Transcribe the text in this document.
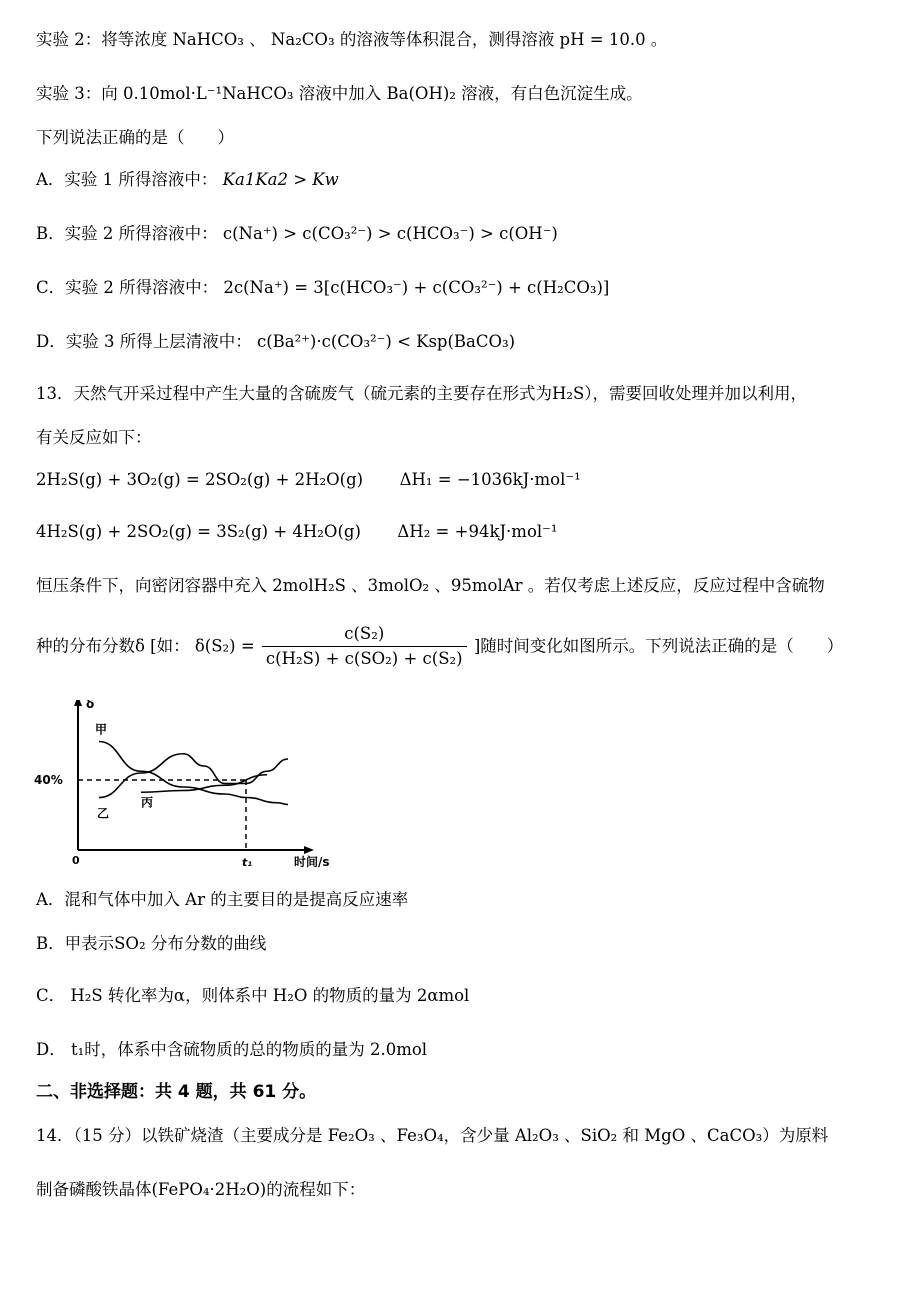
实验 2：将等浓度 NaHCO₃ 、 Na₂CO₃ 的溶液等体积混合，测得溶液 pH = 10.0 。
实验 3：向 0.10mol·L⁻¹NaHCO₃ 溶液中加入 Ba(OH)₂ 溶液，有白色沉淀生成。
下列说法正确的是（　　）
A．实验 1 所得溶液中： Ka1Ka2 > Kw
B．实验 2 所得溶液中： c(Na⁺) > c(CO₃²⁻) > c(HCO₃⁻) > c(OH⁻)
C．实验 2 所得溶液中： 2c(Na⁺) = 3[c(HCO₃⁻) + c(CO₃²⁻) + c(H₂CO₃)]
D．实验 3 所得上层清液中： c(Ba²⁺)·c(CO₃²⁻) < Ksp(BaCO₃)
13．天然气开采过程中产生大量的含硫废气（硫元素的主要存在形式为H₂S），需要回收处理并加以利用，
有关反应如下：
2H₂S(g) + 3O₂(g) = 2SO₂(g) + 2H₂O(g) ΔH₁ = −1036kJ·mol⁻¹
4H₂S(g) + 2SO₂(g) = 3S₂(g) + 4H₂O(g) ΔH₂ = +94kJ·mol⁻¹
恒压条件下，向密闭容器中充入 2molH₂S 、3molO₂ 、95molAr 。若仅考虑上述反应，反应过程中含硫物
种的分布分数δ [如： $\delta(S_2) = \frac{\text{c(S₂)}}{\text{c(H₂S) + c(SO₂) + c(S₂)}}$ ]随时间变化如图所示。下列说法正确的是（　　）
δ
时间/s
0
40%
t₁
甲
乙
丙
A．混和气体中加入 Ar 的主要目的是提高反应速率
B．甲表示SO₂ 分布分数的曲线
C． H₂S 转化率为α，则体系中 H₂O 的物质的量为 2αmol
D． t₁时，体系中含硫物质的总的物质的量为 2.0mol
二、非选择题：共 4 题，共 61 分。
14．（15 分）以铁矿烧渣（主要成分是 Fe₂O₃ 、Fe₃O₄，含少量 Al₂O₃ 、SiO₂ 和 MgO 、CaCO₃）为原料
制备磷酸铁晶体(FePO₄·2H₂O)的流程如下：
